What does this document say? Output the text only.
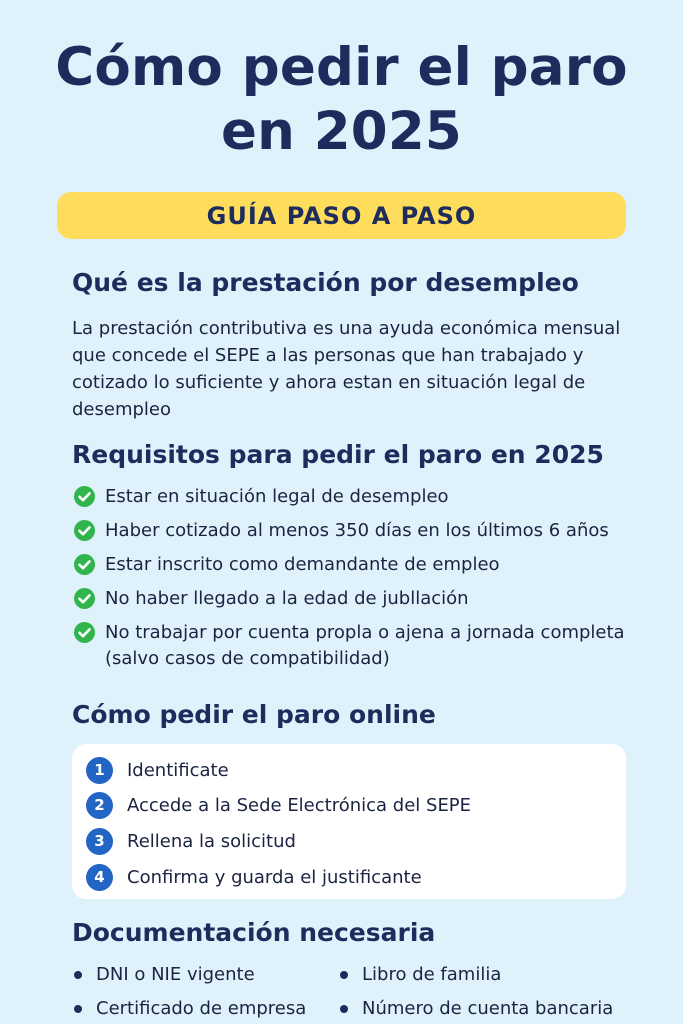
Cómo pedir el paro
en 2025
GUÍA PASO A PASO
Qué es la prestación por desempleo
La prestación contributiva es una ayuda económica mensual que concede el SEPE a las personas que han trabajado y cotizado lo suficiente y ahora estan en situación legal de desempleo
Requisitos para pedir el paro en 2025
Estar en situación legal de desempleo
Haber cotizado al menos 350 días en los últimos 6 años
Estar inscrito como demandante de empleo
No haber llegado a la edad de jubllación
No trabajar por cuenta propla o ajena a jornada completa (salvo casos de compatibilidad)
Cómo pedir el paro online
1	Identificate
2	Accede a la Sede Electrónica del SEPE
3	Rellena la solicitud
4	Confirma y guarda el justificante
Documentación necesaria
DNI o NIE vigente
Certificado de empresa
Libro de familia
Número de cuenta bancaria
